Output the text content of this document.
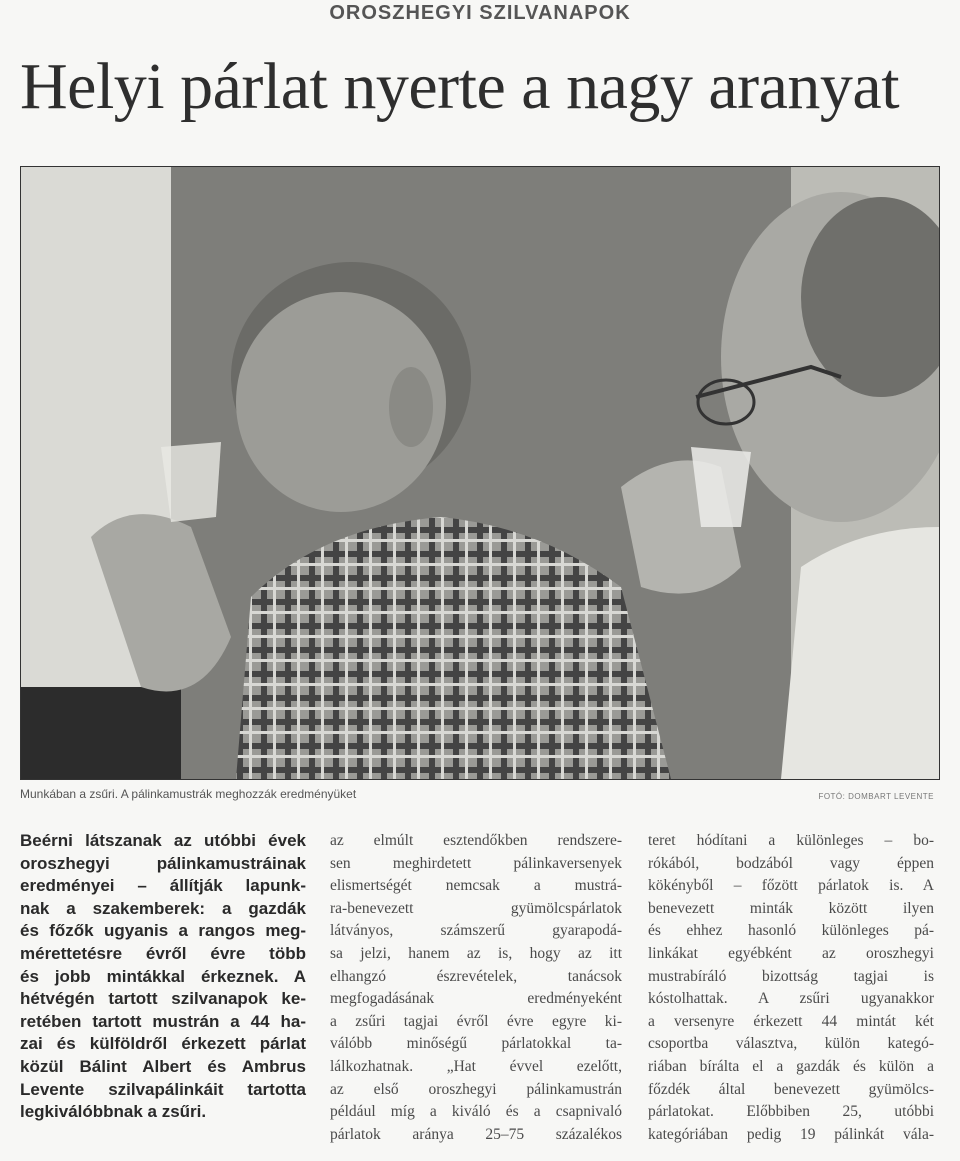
OROSZHEGYI SZILVANAPOK
Helyi párlat nyerte a nagy aranyat
Munkában a zsűri. A pálinkamustrák meghozzák eredményüket	FOTÓ: DOMBART LEVENTE
Beérni látszanak az utóbbi évek
oroszhegyi pálinkamustráinak
eredményei – állítják lapunk-
nak a szakemberek: a gazdák
és főzők ugyanis a rangos meg-
mérettetésre évről évre több
és jobb mintákkal érkeznek. A
hétvégén tartott szilvanapok ke-
retében tartott mustrán a 44 ha-
zai és külföldről érkezett párlat
közül Bálint Albert és Ambrus
Levente szilvapálinkáit tartotta
legkiválóbbnak a zsűri.
az elmúlt esztendőkben rendszere-
sen meghirdetett pálinkaversenyek
elismertségét nemcsak a mustrá-
ra-benevezett gyümölcspárlatok
látványos, számszerű gyarapodá-
sa jelzi, hanem az is, hogy az itt
elhangzó észrevételek, tanácsok
megfogadásának eredményeként
a zsűri tagjai évről évre egyre ki-
válóbb minőségű párlatokkal ta-
lálkozhatnak. „Hat évvel ezelőtt,
az első oroszhegyi pálinkamustrán
például míg a kiváló és a csapnivaló
párlatok aránya 25–75 százalékos
teret hódítani a különleges – bo-
rókából, bodzából vagy éppen
kökényből – főzött párlatok is. A
benevezett minták között ilyen
és ehhez hasonló különleges pá-
linkákat egyébként az oroszhegyi
mustrabíráló bizottság tagjai is
kóstolhattak. A zsűri ugyanakkor
a versenyre érkezett 44 mintát két
csoportba választva, külön kategó-
riában bírálta el a gazdák és külön a
főzdék által benevezett gyümölcs-
párlatokat. Előbbiben 25, utóbbi
kategóriában pedig 19 pálinkát vála-
